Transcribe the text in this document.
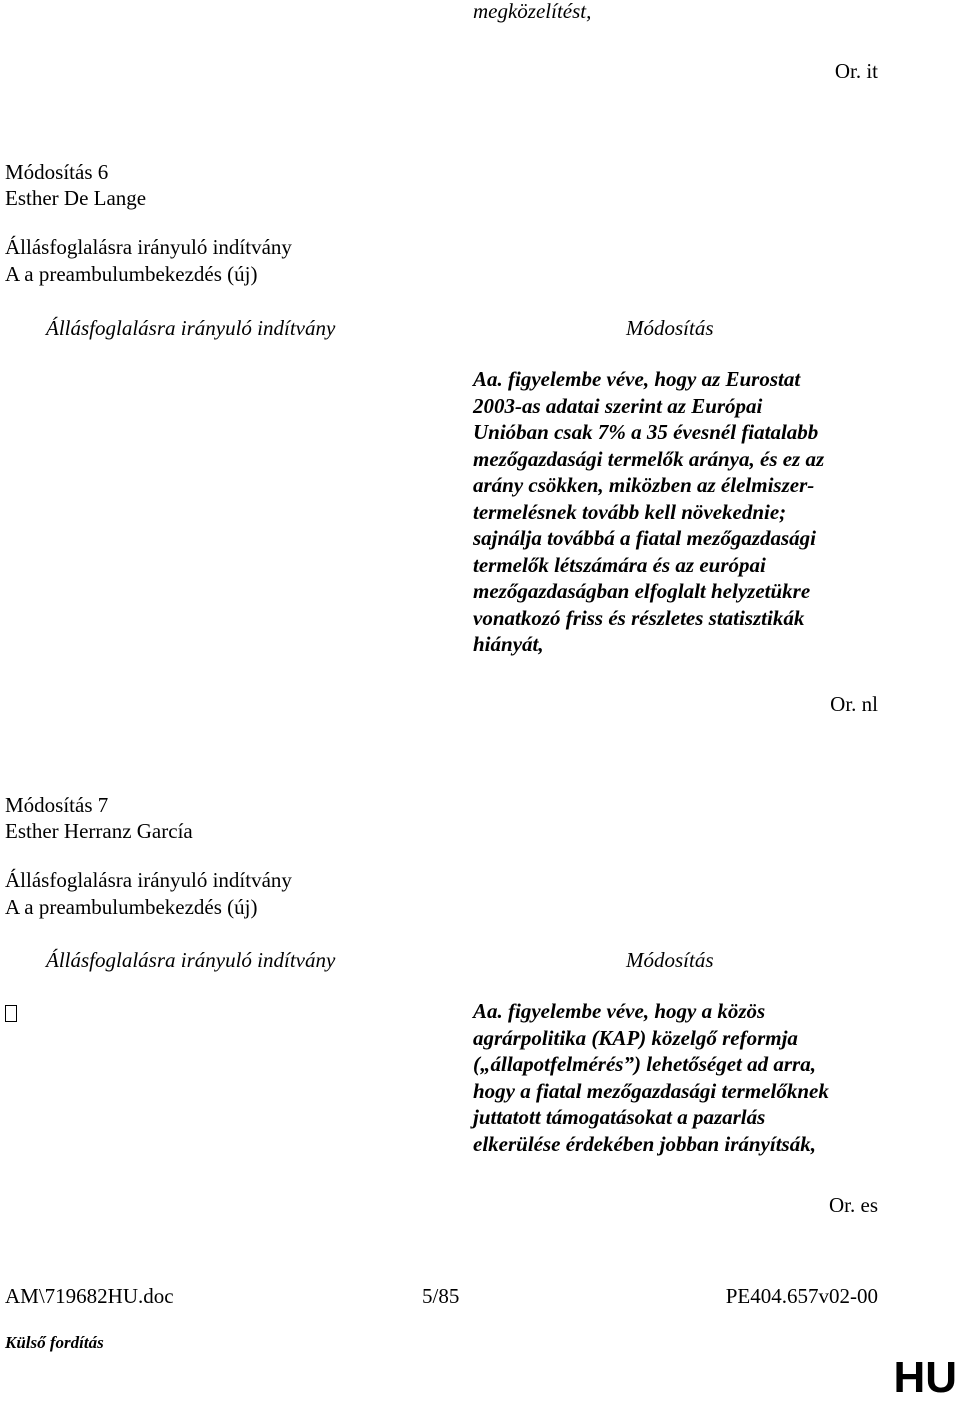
megközelítést,
Or. it
Módosítás 6
Esther De Lange
Állásfoglalásra irányuló indítvány
A a preambulumbekezdés (új)
Állásfoglalásra irányuló indítvány	Módosítás
Aa. figyelembe véve, hogy az Eurostat
2003-as adatai szerint az Európai
Unióban csak 7% a 35 évesnél fiatalabb
mezőgazdasági termelők aránya, és ez az
arány csökken, miközben az élelmiszer-
termelésnek tovább kell növekednie;
sajnálja továbbá a fiatal mezőgazdasági
termelők létszámára és az európai
mezőgazdaságban elfoglalt helyzetükre
vonatkozó friss és részletes statisztikák
hiányát,
Or. nl
Módosítás 7
Esther Herranz García
Állásfoglalásra irányuló indítvány
A a preambulumbekezdés (új)
Állásfoglalásra irányuló indítvány	Módosítás
Aa. figyelembe véve, hogy a közös
agrárpolitika (KAP) közelgő reformja
(„állapotfelmérés”) lehetőséget ad arra,
hogy a fiatal mezőgazdasági termelőknek
juttatott támogatásokat a pazarlás
elkerülése érdekében jobban irányítsák,
Or. es
AM\719682HU.doc	5/85	PE404.657v02-00
Külső fordítás
HU
